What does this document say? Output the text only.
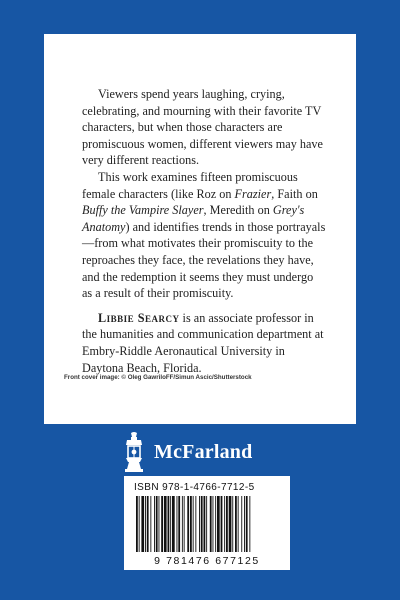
Viewers spend years laughing, crying, celebrating, and mourning with their favorite TV characters, but when those characters are promiscuous women, different viewers may have very different reactions.

This work examines fifteen promiscuous female characters (like Roz on Frazier, Faith on Buffy the Vampire Slayer, Meredith on Grey's Anatomy) and identifies trends in those portrayals—from what motivates their promiscuity to the reproaches they face, the revelations they have, and the redemption it seems they must undergo as a result of their promiscuity.

Libbie Searcy is an associate professor in the humanities and communication department at Embry-Riddle Aeronautical University in Daytona Beach, Florida.

Front cover image: © Oleg GawriloFF/Simun Ascic/Shutterstock
McFarland
ISBN 978-1-4766-7712-5
9 781476 677125
